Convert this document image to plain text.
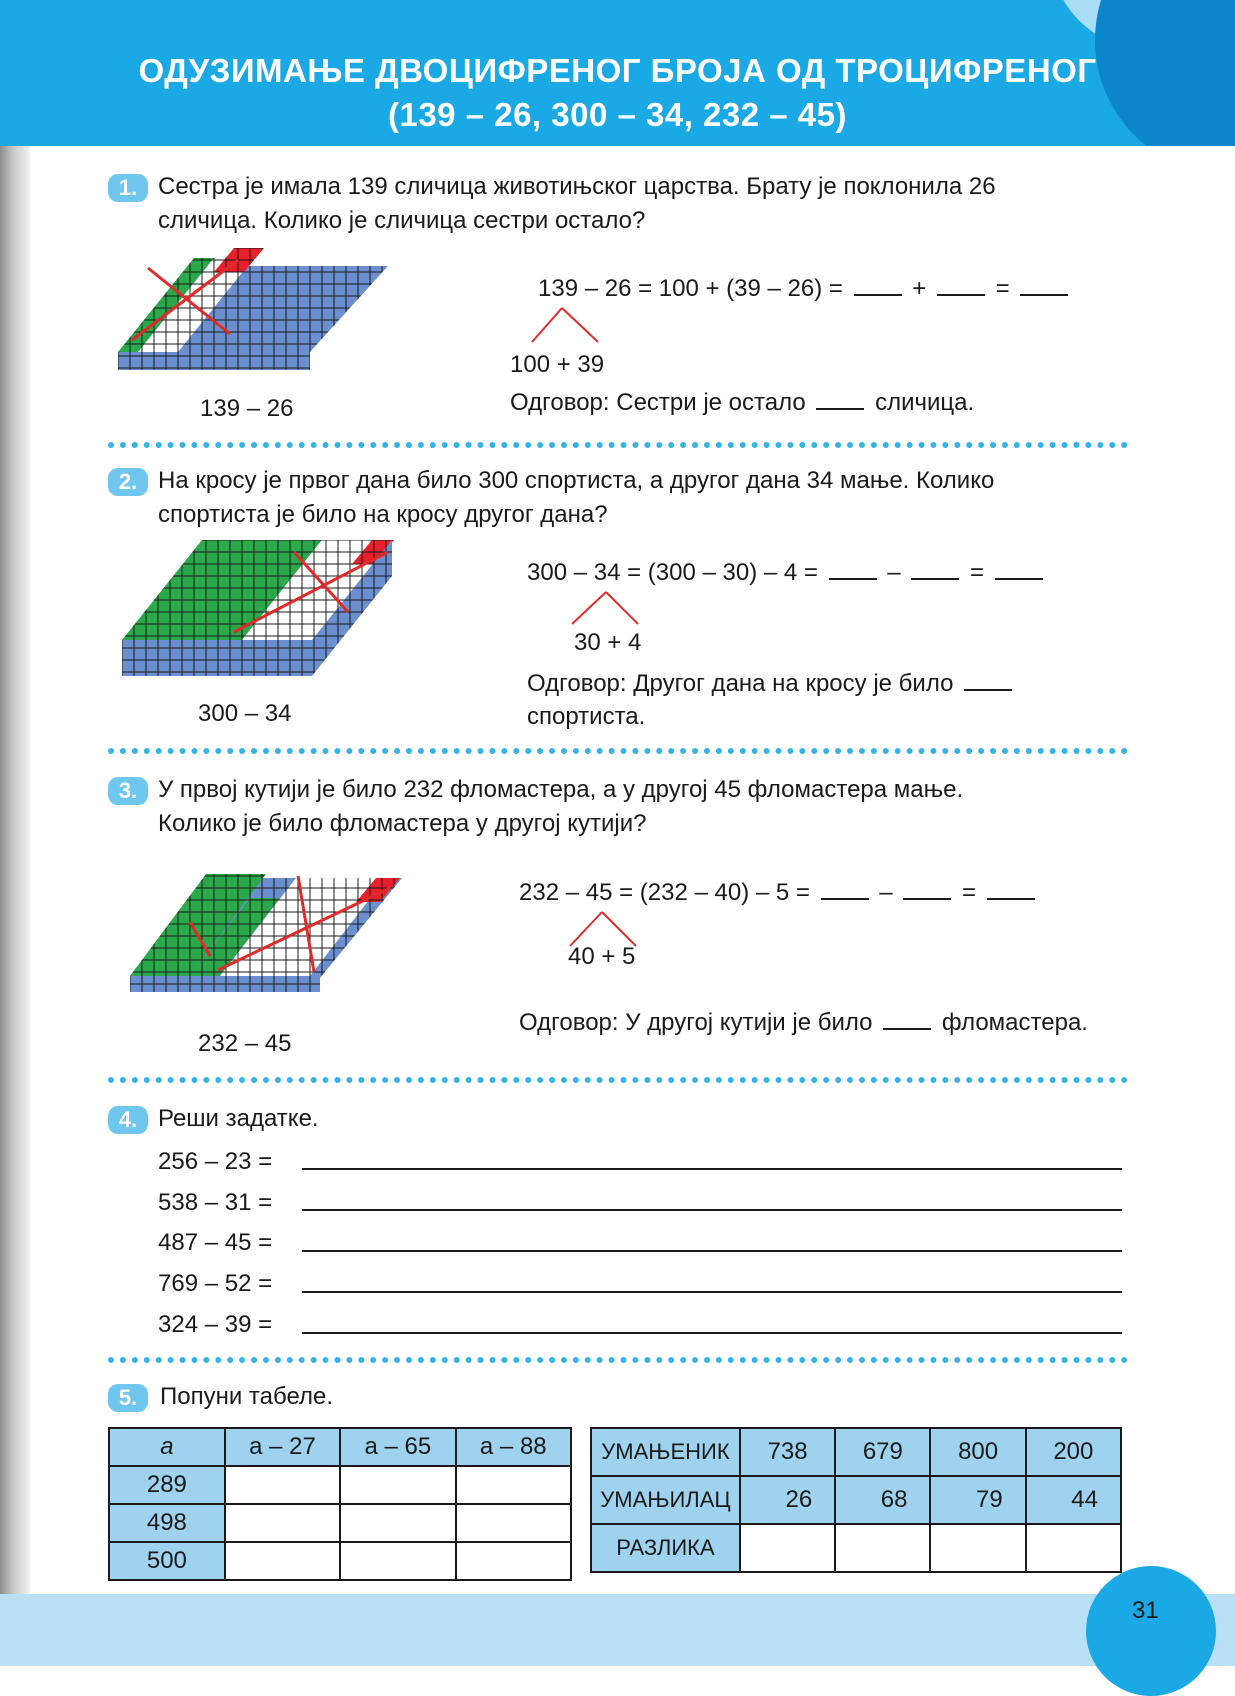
ОДУЗИМАЊЕ ДВОЦИФРЕНОГ БРОЈА ОД ТРОЦИФРЕНОГ
(139 – 26, 300 – 34, 232 – 45)
1. Сестра је имала 139 сличица животињског царства. Брату је поклонила 26
сличица. Колико је сличица сестри остало?
139 – 26
139 – 26 = 100 + (39 – 26) =	+	=
100 + 39
Одговор: Сестри је остало	сличица.
2. На кросу је првог дана било 300 спортиста, а другог дана 34 мање. Колико
спортиста је било на кросу другог дана?
300 – 34
300 – 34 = (300 – 30) – 4 =	–	=
30 + 4
Одговор: Другог дана на кросу је било
спортиста.
3. У првој кутији је било 232 фломастера, а у другој 45 фломастера мање.
Колико је било фломастера у другој кутији?
232 – 45
232 – 45 = (232 – 40) – 5 =	–	=
40 + 5
Одговор: У другој кутији је било	фломастера.
4. Реши задатке.
256 – 23 =
538 – 31 =
487 – 45 =
769 – 52 =
324 – 39 =
5. Попуни табеле.
a	a – 27	a – 65	a – 88
289			
498			
500			
УМАЊЕНИК	738	679	800	200
УМАЊИЛАЦ	26	68	79	44
РАЗЛИКА				
31
